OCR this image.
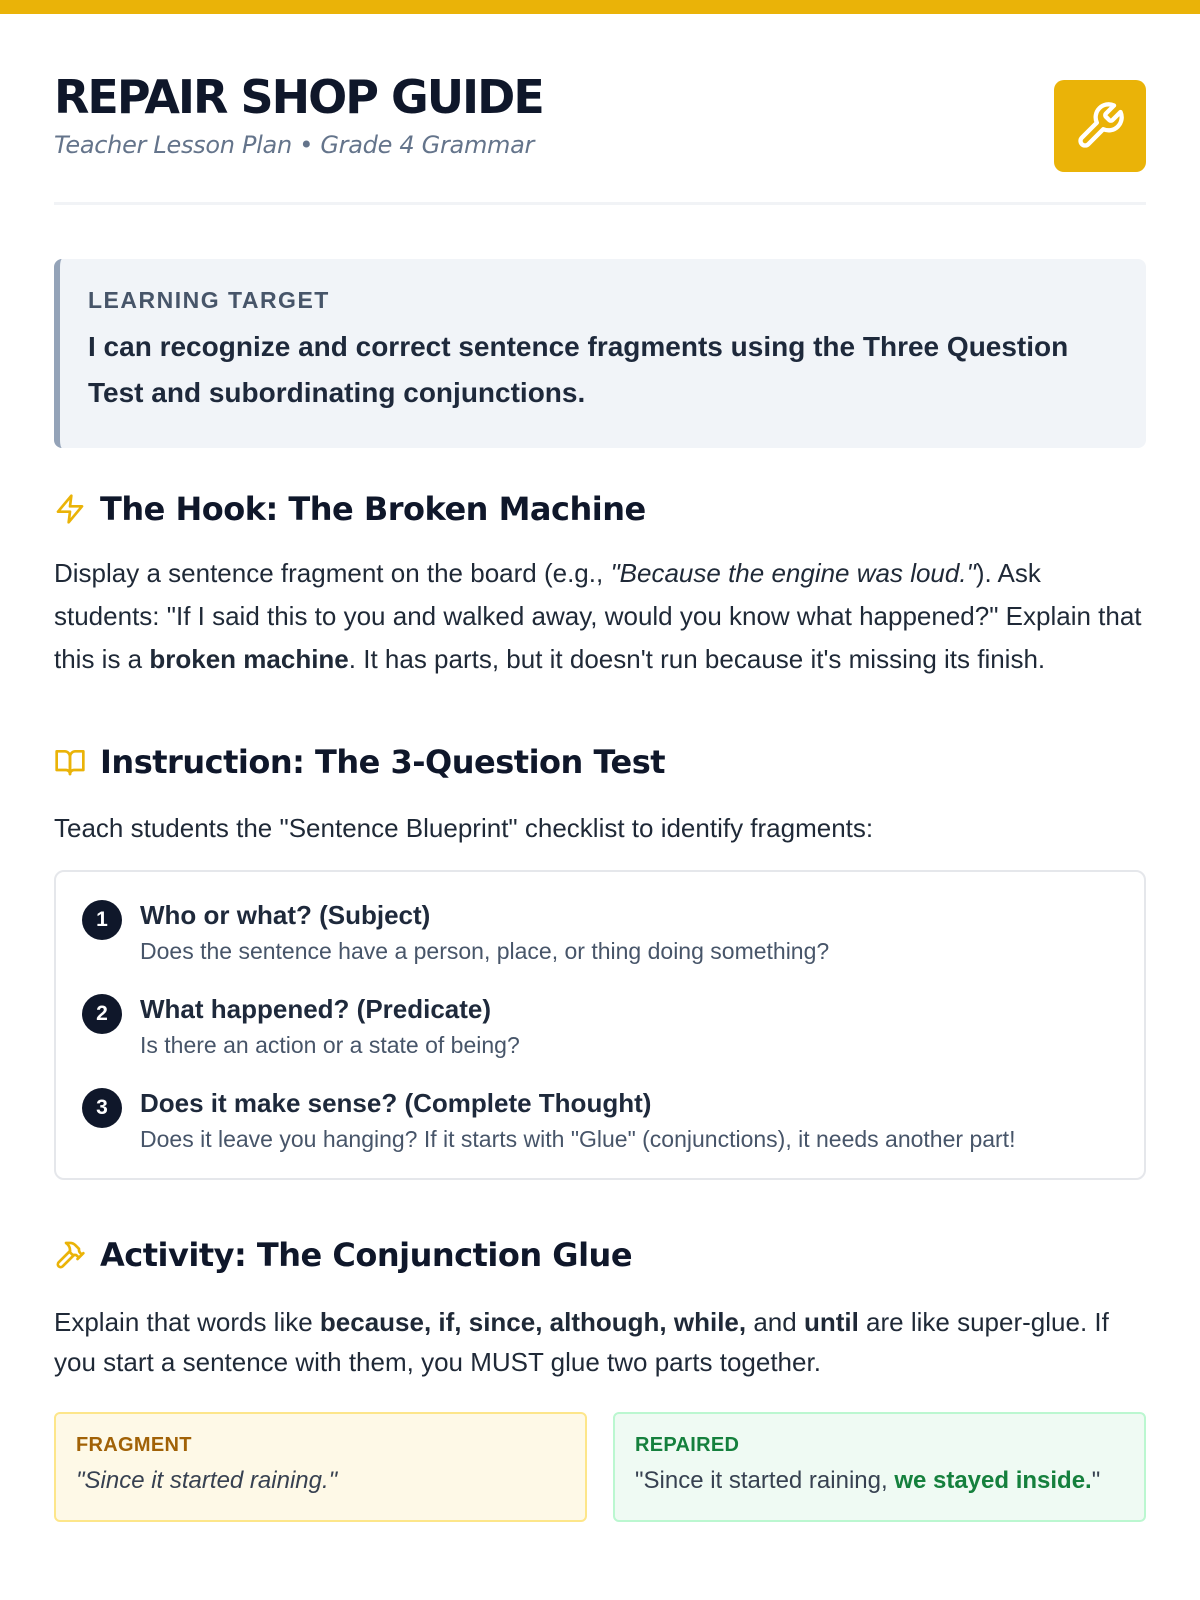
REPAIR SHOP GUIDE
Teacher Lesson Plan • Grade 4 Grammar
LEARNING TARGET
I can recognize and correct sentence fragments using the Three Question Test and subordinating conjunctions.
The Hook: The Broken Machine
Display a sentence fragment on the board (e.g., "Because the engine was loud."). Ask students: "If I said this to you and walked away, would you know what happened?" Explain that this is a broken machine. It has parts, but it doesn't run because it's missing its finish.
Instruction: The 3-Question Test
Teach students the "Sentence Blueprint" checklist to identify fragments:
1	Who or what? (Subject)
Does the sentence have a person, place, or thing doing something?
2	What happened? (Predicate)
Is there an action or a state of being?
3	Does it make sense? (Complete Thought)
Does it leave you hanging? If it starts with "Glue" (conjunctions), it needs another part!
Activity: The Conjunction Glue
Explain that words like because, if, since, although, while, and until are like super-glue. If you start a sentence with them, you MUST glue two parts together.
FRAGMENT
"Since it started raining."
REPAIRED
"Since it started raining, we stayed inside."
